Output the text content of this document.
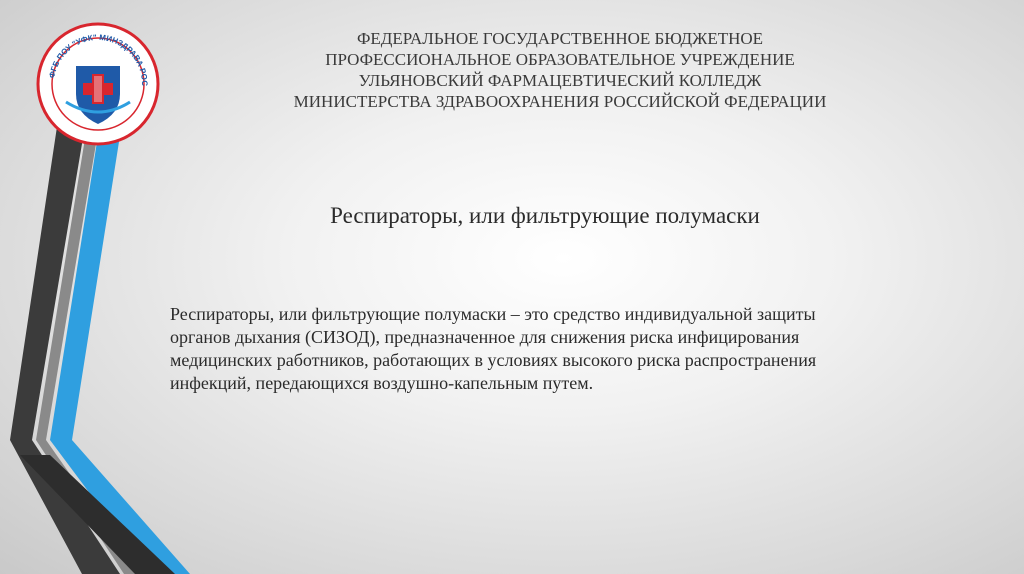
ФГБ ПОУ "УФК" МИНЗДРАВА РОС
ФЕДЕРАЛЬНОЕ ГОСУДАРСТВЕННОЕ БЮДЖЕТНОЕ
ПРОФЕССИОНАЛЬНОЕ ОБРАЗОВАТЕЛЬНОЕ УЧРЕЖДЕНИЕ
УЛЬЯНОВСКИЙ ФАРМАЦЕВТИЧЕСКИЙ КОЛЛЕДЖ
МИНИСТЕРСТВА ЗДРАВООХРАНЕНИЯ РОССИЙСКОЙ ФЕДЕРАЦИИ
Респираторы, или фильтрующие полумаски
Респираторы, или фильтрующие полумаски – это средство индивидуальной защиты
органов дыхания (СИЗОД), предназначенное для снижения риска инфицирования
медицинских работников, работающих в условиях высокого риска распространения
инфекций, передающихся воздушно-капельным путем.
